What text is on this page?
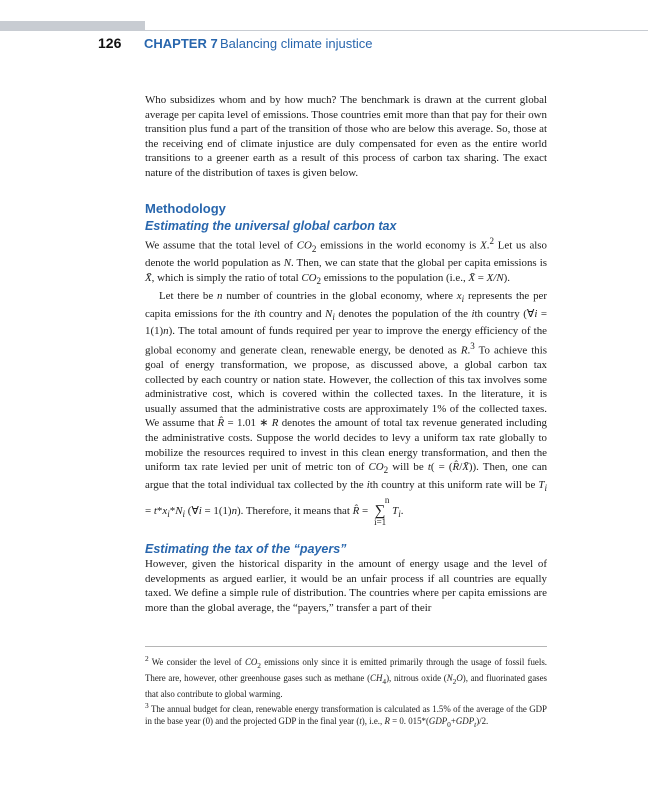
126 CHAPTER 7 Balancing climate injustice

Who subsidizes whom and by how much? The benchmark is drawn at the current global average per capita level of emissions. Those countries emit more than that pay for their own transition plus fund a part of the transition of those who are below this average. So, those at the receiving end of climate injustice are duly compensated for even as the entire world transitions to a greener earth as a result of this process of carbon tax sharing. The exact nature of the distribution of taxes is given below.

Methodology
Estimating the universal global carbon tax

We assume that the total level of $CO_2$ emissions in the world economy is X.$^2$ Let us also denote the world population as N. Then, we can state that the global per capita emissions is X̄, which is simply the ratio of total $CO_2$ emissions to the population (i.e., X̄ = X/N).

Let there be n number of countries in the global economy, where $x_i$ represents the per capita emissions for the ith country and $N_i$ denotes the population of the ith country (∀i = 1(1)n). The total amount of funds required per year to improve the energy efficiency of the global economy and generate clean, renewable energy, be denoted as R.$^3$ To achieve this goal of energy transformation, we propose, as discussed above, a global carbon tax collected by each country or nation state. However, the collection of this tax involves some administrative cost, which is covered within the collected taxes. In the literature, it is usually assumed that the administrative costs are approximately 1% of the collected taxes. We assume that R̂ = 1.01 ∗ R denotes the amount of total tax revenue generated including the administrative costs. Suppose the world decides to levy a uniform tax rate globally to mobilize the resources required to invest in this clean energy transformation, and then the uniform tax rate levied per unit of metric ton of $CO_2$ will be t( = (R̂/X̄)). Then, one can argue that the total individual tax collected by the ith country at this uniform rate will be $T_i = t*x_i*N_i$ (∀i = 1(1)n). Therefore, it means that R̂ = n
∑
i=1 $T_i$.

Estimating the tax of the “payers”

However, given the historical disparity in the amount of energy usage and the level of developments as argued earlier, it would be an unfair process if all countries are equally taxed. We define a simple rule of distribution. The countries where per capita emissions are more than the global average, the “payers,” transfer a part of their

$^2$ We consider the level of $CO_2$ emissions only since it is emitted primarily through the usage of fossil fuels. There are, however, other greenhouse gases such as methane $(CH_4)$, nitrous oxide $(N_2O)$, and fluorinated gases that also contribute to global warming.

$^3$ The annual budget for clean, renewable energy transformation is calculated as 1.5% of the average of the GDP in the base year (0) and the projected GDP in the final year (t), i.e., R = 0. $015*(GDP_0+GDP_t)/2$.
